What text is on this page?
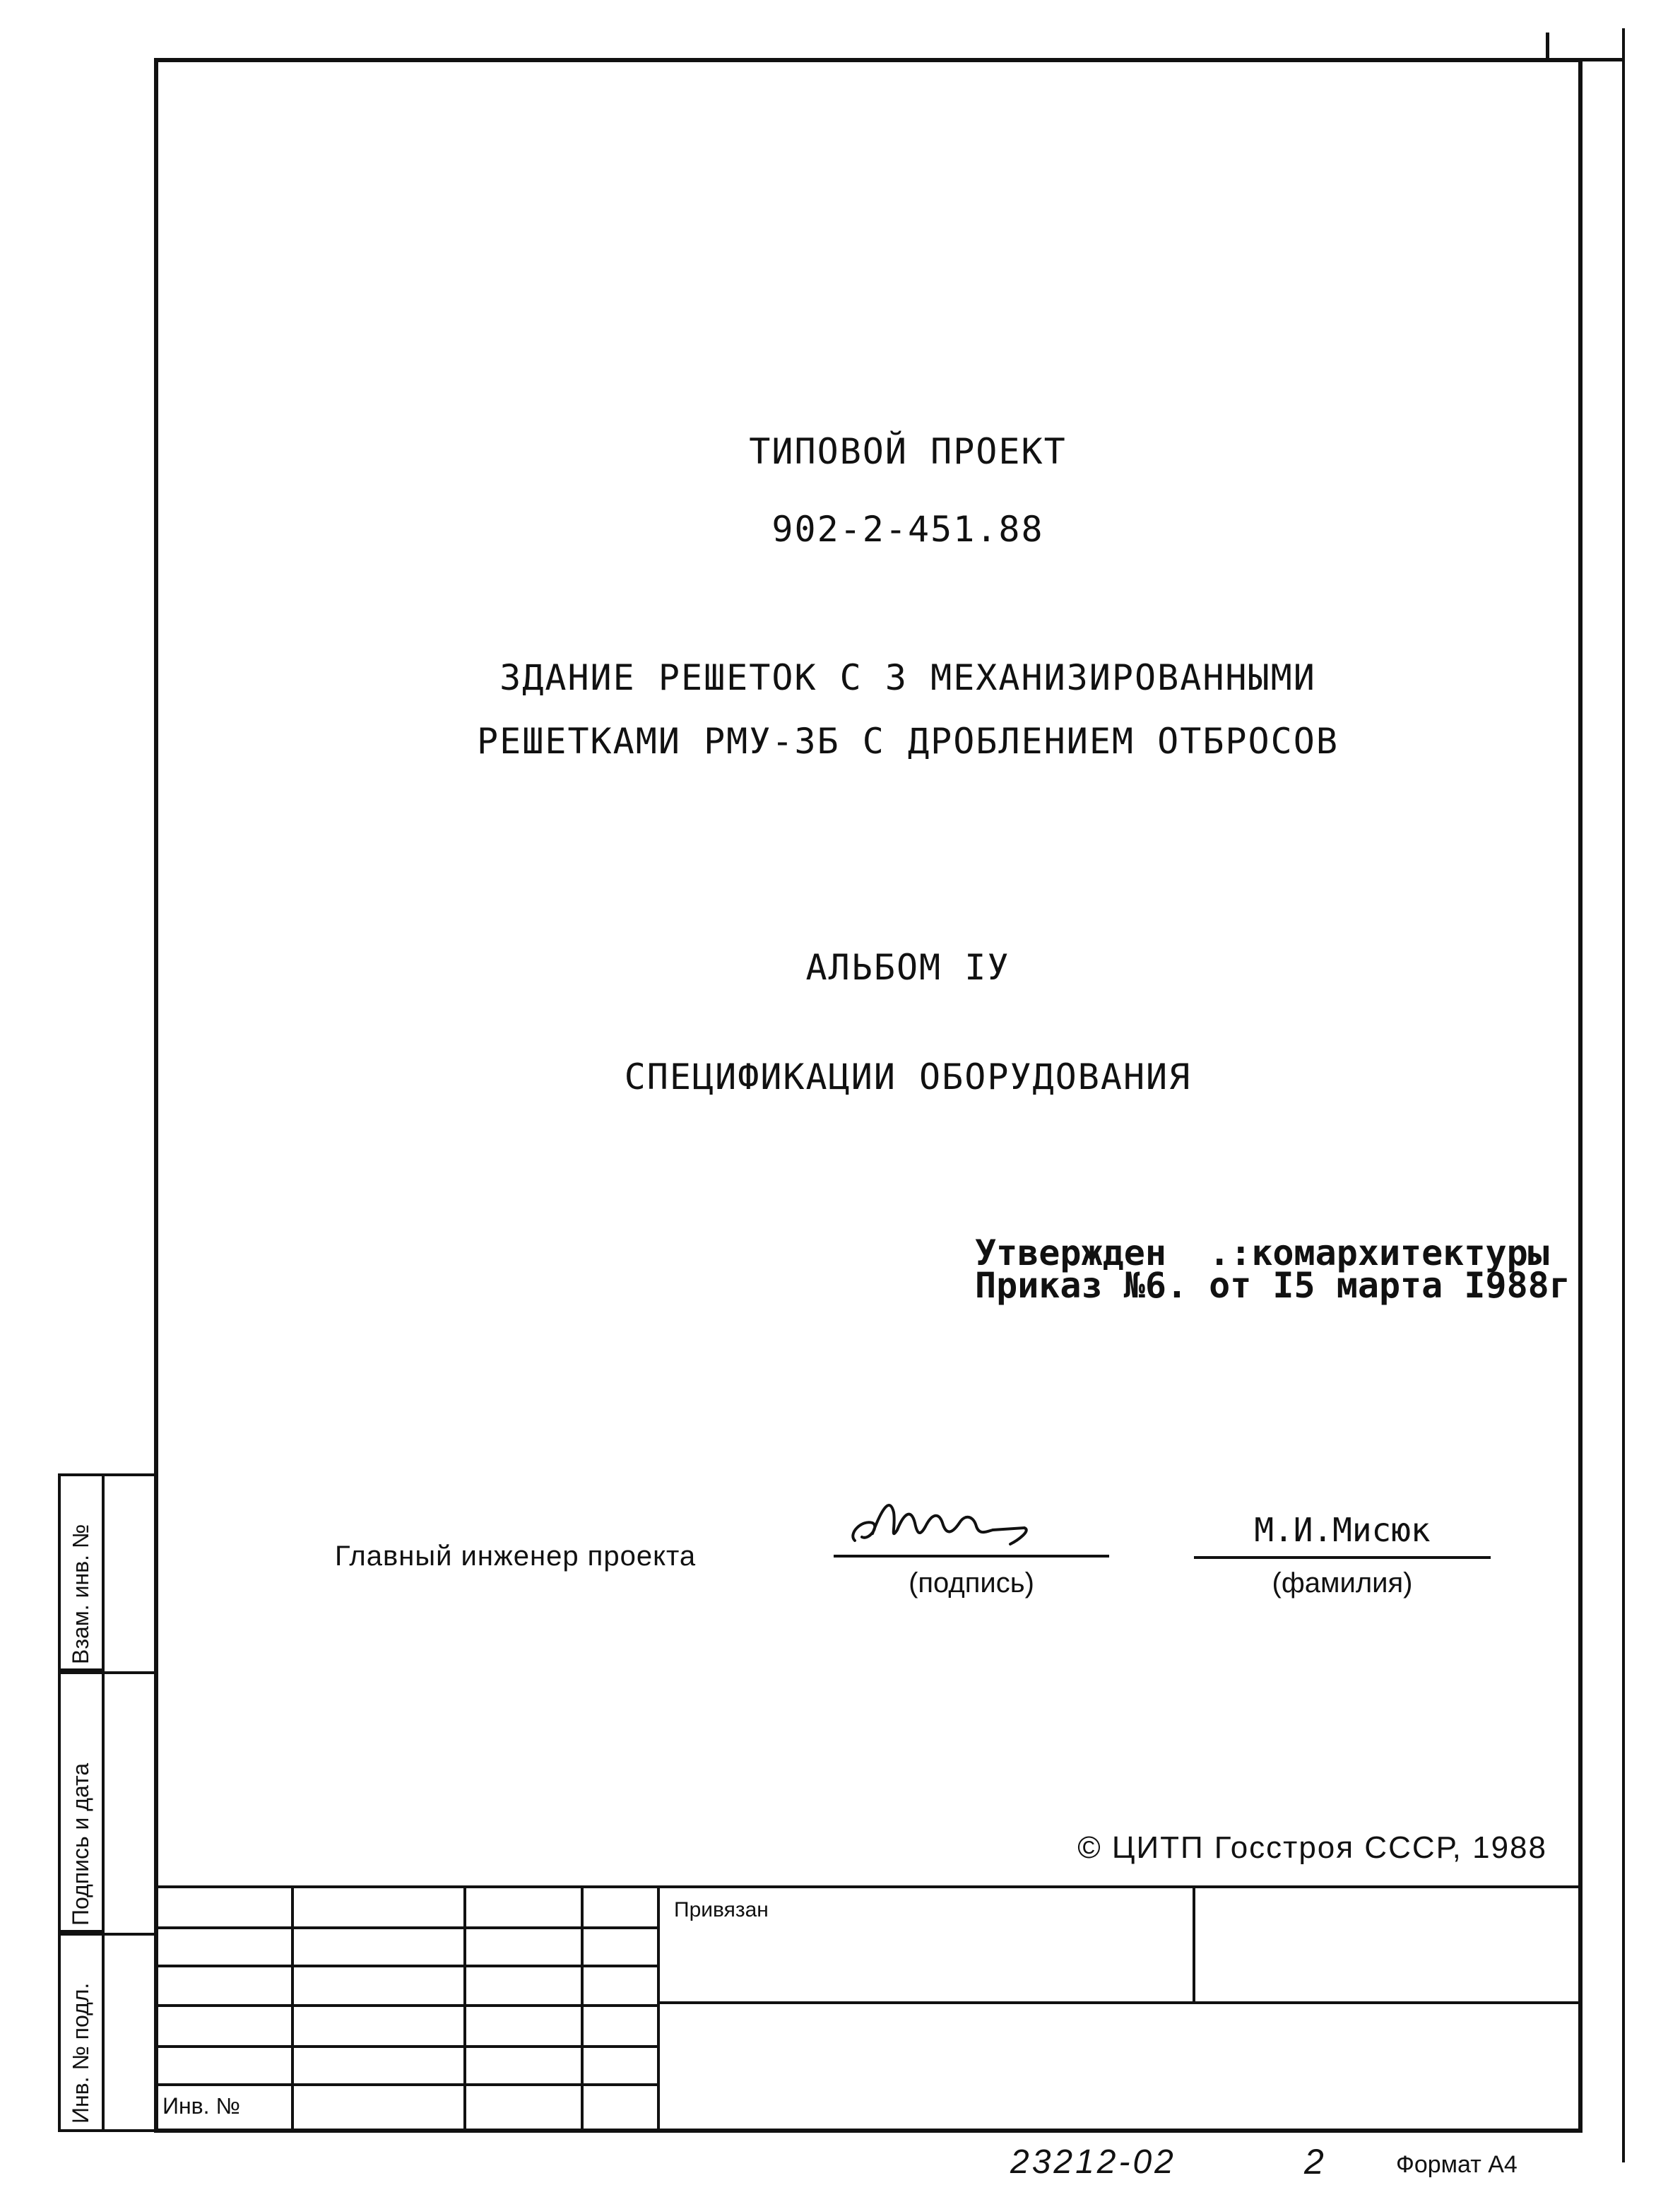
ТИПОВОЙ ПРОЕКТ
902-2-451.88
ЗДАНИЕ РЕШЕТОК С 3 МЕХАНИЗИРОВАННЫМИ
РЕШЕТКАМИ РМУ-3Б С ДРОБЛЕНИЕМ ОТБРОСОВ
АЛЬБОМ IУ
СПЕЦИФИКАЦИИ ОБОРУДОВАНИЯ
Утвержден  .:комархитектуры
Приказ №6. от I5 марта I988г
Главный инженер проекта
(подпись)
М.И.Мисюк
(фамилия)
© ЦИТП Госстроя СССР, 1988
Взам. инв. №
Подпись и дата
Инв. № подл.
Привязан
Инв. №
23212-02	2	Формат А4
